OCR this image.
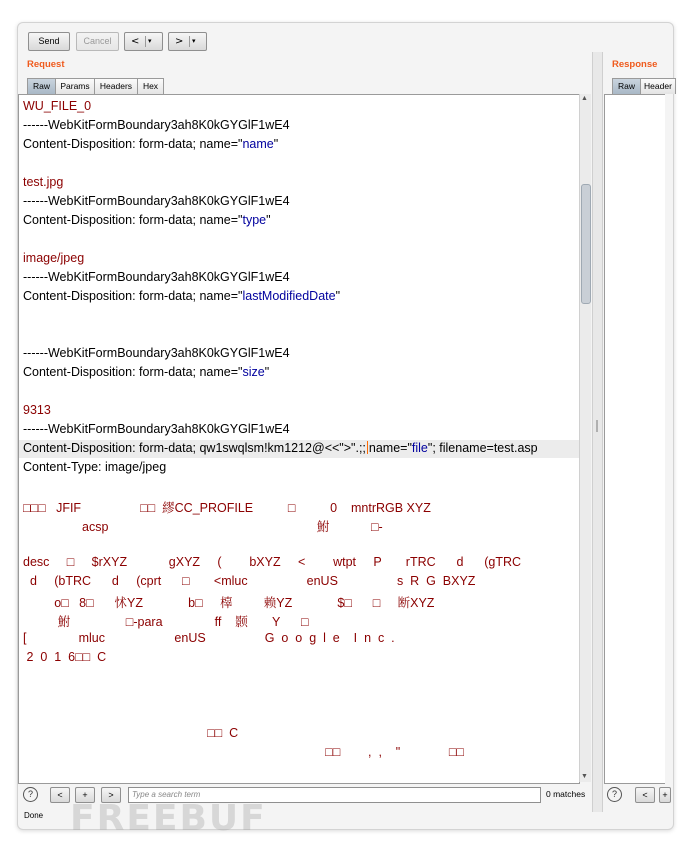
Send	Cancel	< ▾ > ▾
Request
Raw	Params	Headers	Hex
WU_FILE_0
------WebKitFormBoundary3ah8K0kGYGlF1wE4
Content-Disposition: form-data; name="name"
test.jpg
------WebKitFormBoundary3ah8K0kGYGlF1wE4
Content-Disposition: form-data; name="type"
image/jpeg
------WebKitFormBoundary3ah8K0kGYGlF1wE4
Content-Disposition: form-data; name="lastModifiedDate"
------WebKitFormBoundary3ah8K0kGYGlF1wE4
Content-Disposition: form-data; name="size"
9313
------WebKitFormBoundary3ah8K0kGYGlF1wE4
Content-Disposition: form-data; qw1swqlsm!km1212@<<">".;; name="file"; filename=test.asp
Content-Type: image/jpeg
□□□   JFIF                 □□  繆CC_PROFILE          □          0    mntrRGB XYZ
acsp                                                            鮒            □-
desc     □     $rXYZ            gXYZ     (        bXYZ     <        wtpt     P       rTRC      d      (gTRC
d     (bTRC      d     (cprt      □       <mluc                 enUS                 s  R  G  BXYZ
o□   8□      怵YZ             b□     橭         赖YZ             $□      □     断XYZ
鮒                □-para               ff    颢       Y      □
[               mluc                    enUS                 G  o  o  g  l  e    I  n  c  .
2  0  1  6□□  C
□□  C
□□        ,  ,    "              □□
▲
▼
Response
Raw	Header
?	<	+	>	Type a search term	0 matches	?	<	+
FREEBUF
Done
